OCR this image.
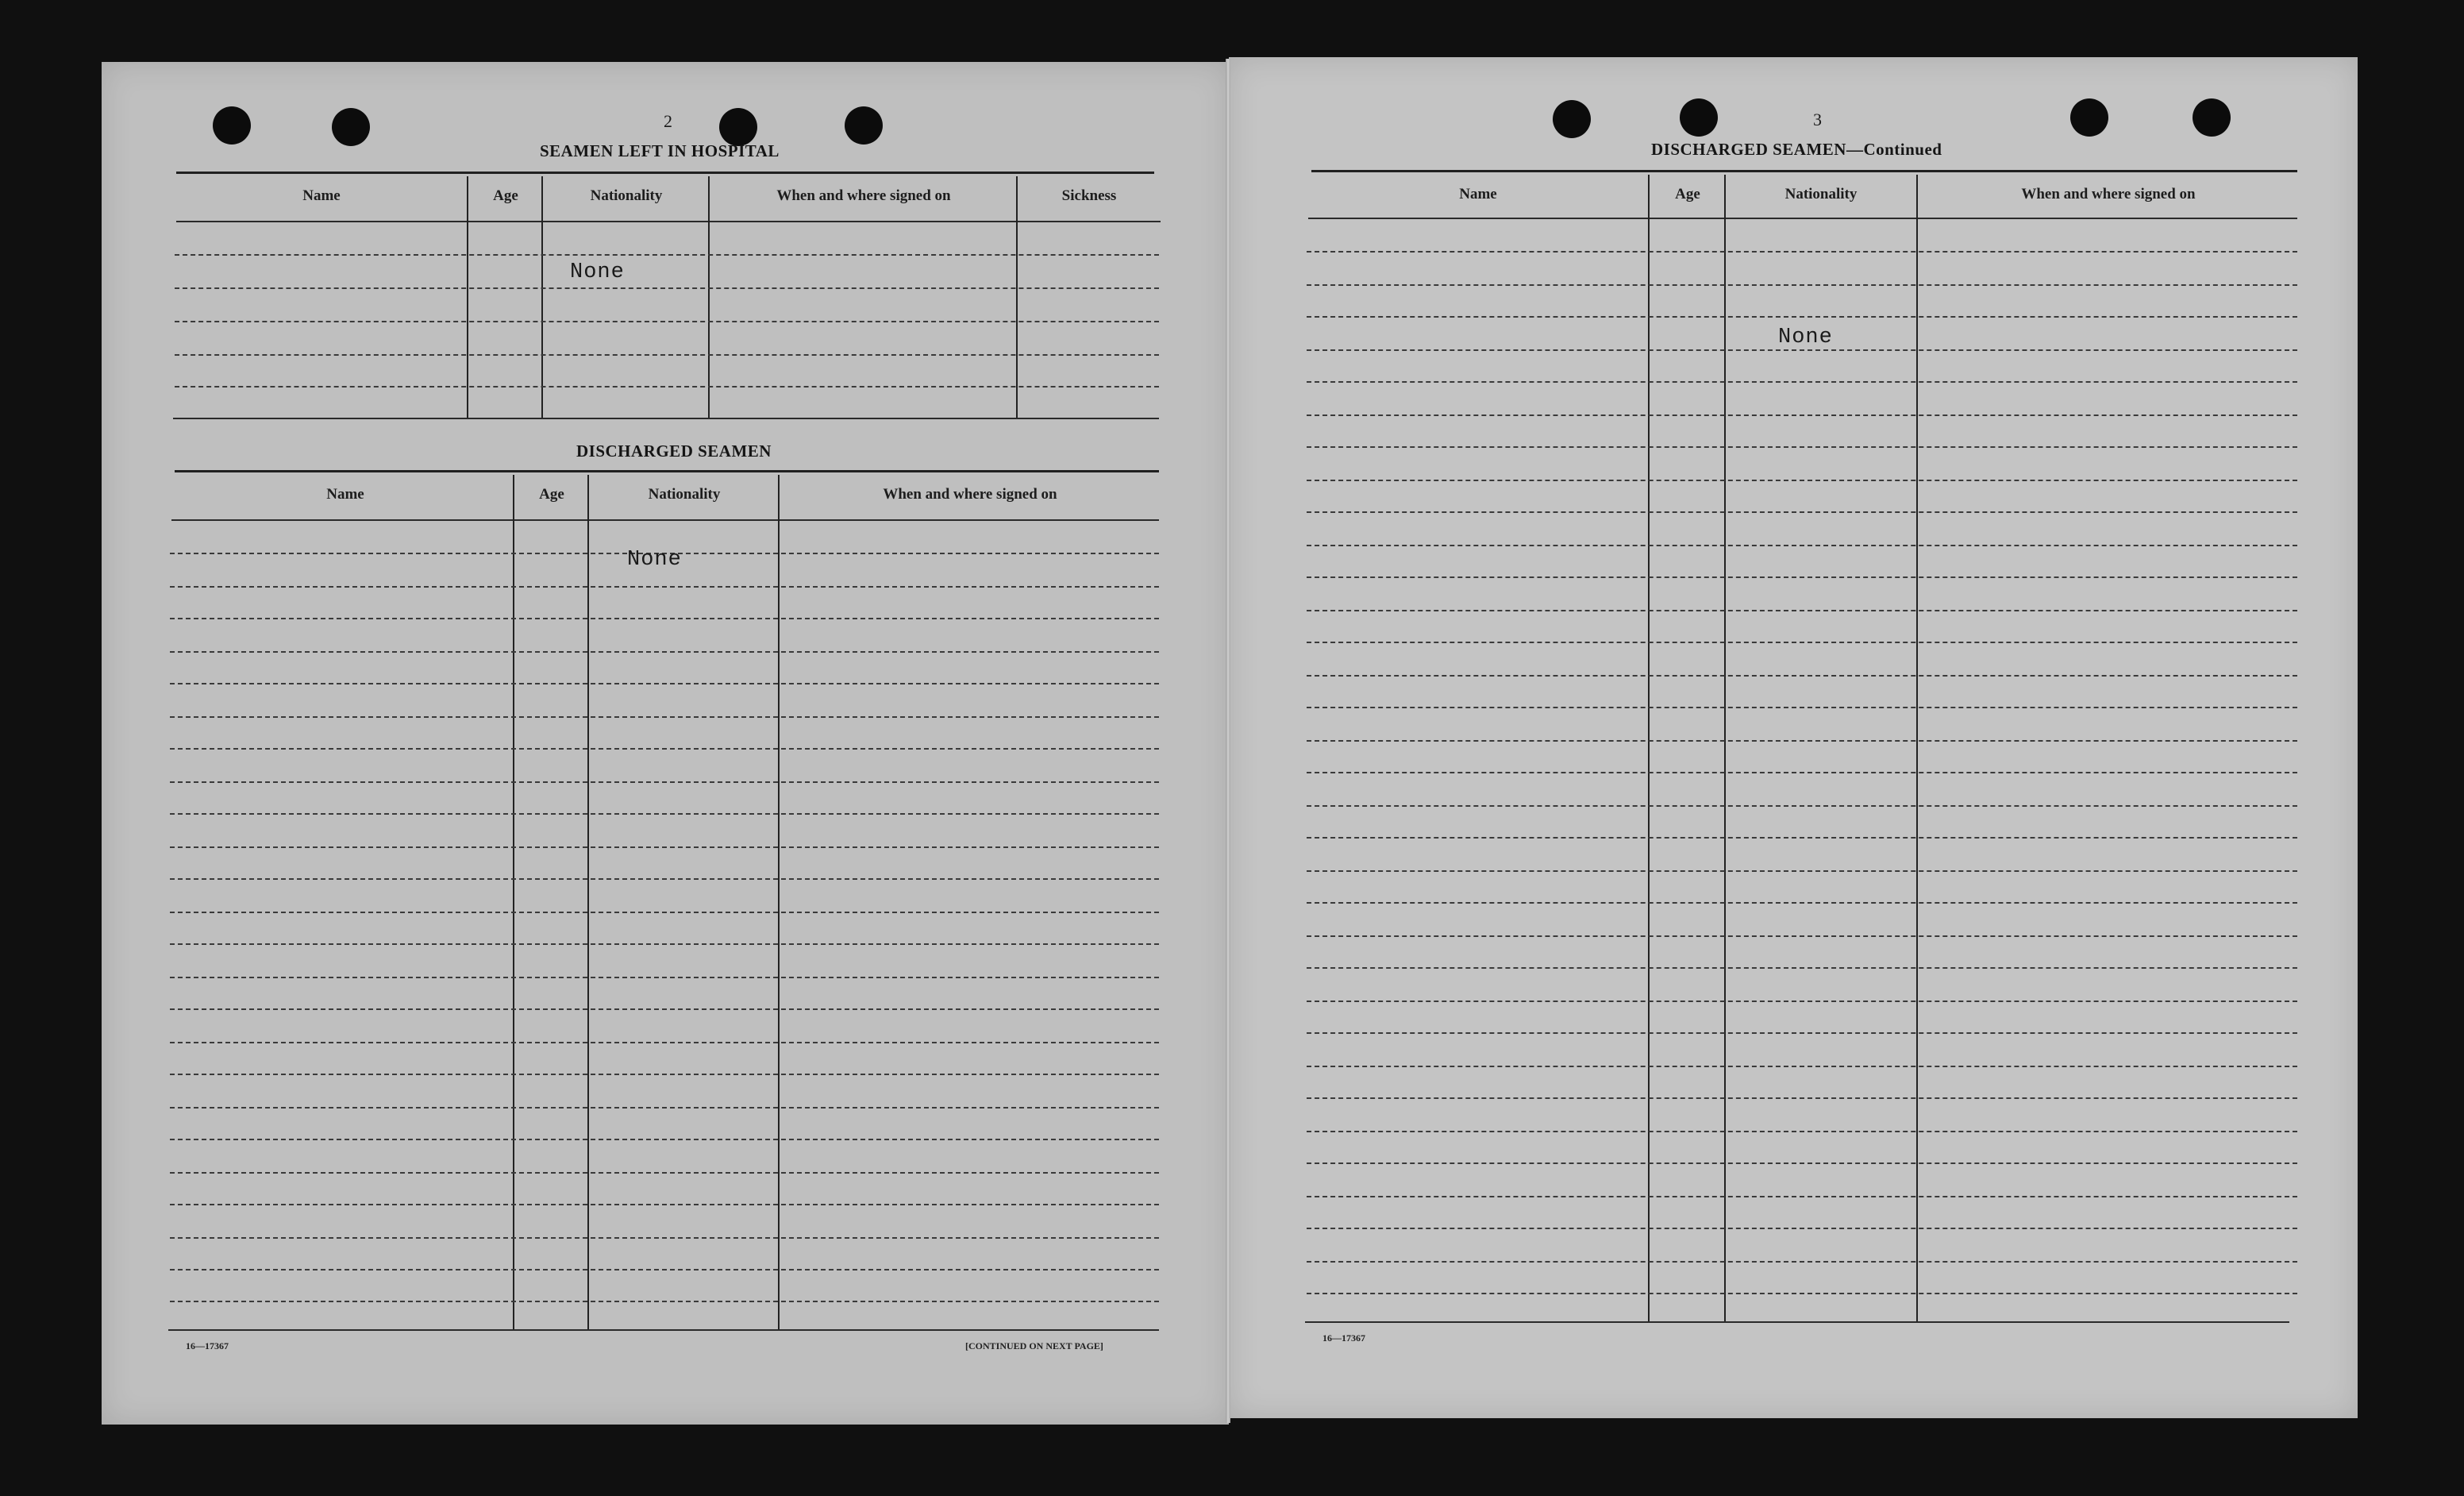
2
SEAMEN LEFT IN HOSPITAL
Name	Age	Nationality	When and where signed on	Sickness
None
DISCHARGED SEAMEN
Name	Age	Nationality	When and where signed on
None
16—17367	[CONTINUED ON NEXT PAGE]
3
DISCHARGED SEAMEN—Continued
Name	Age	Nationality	When and where signed on
None
16—17367
